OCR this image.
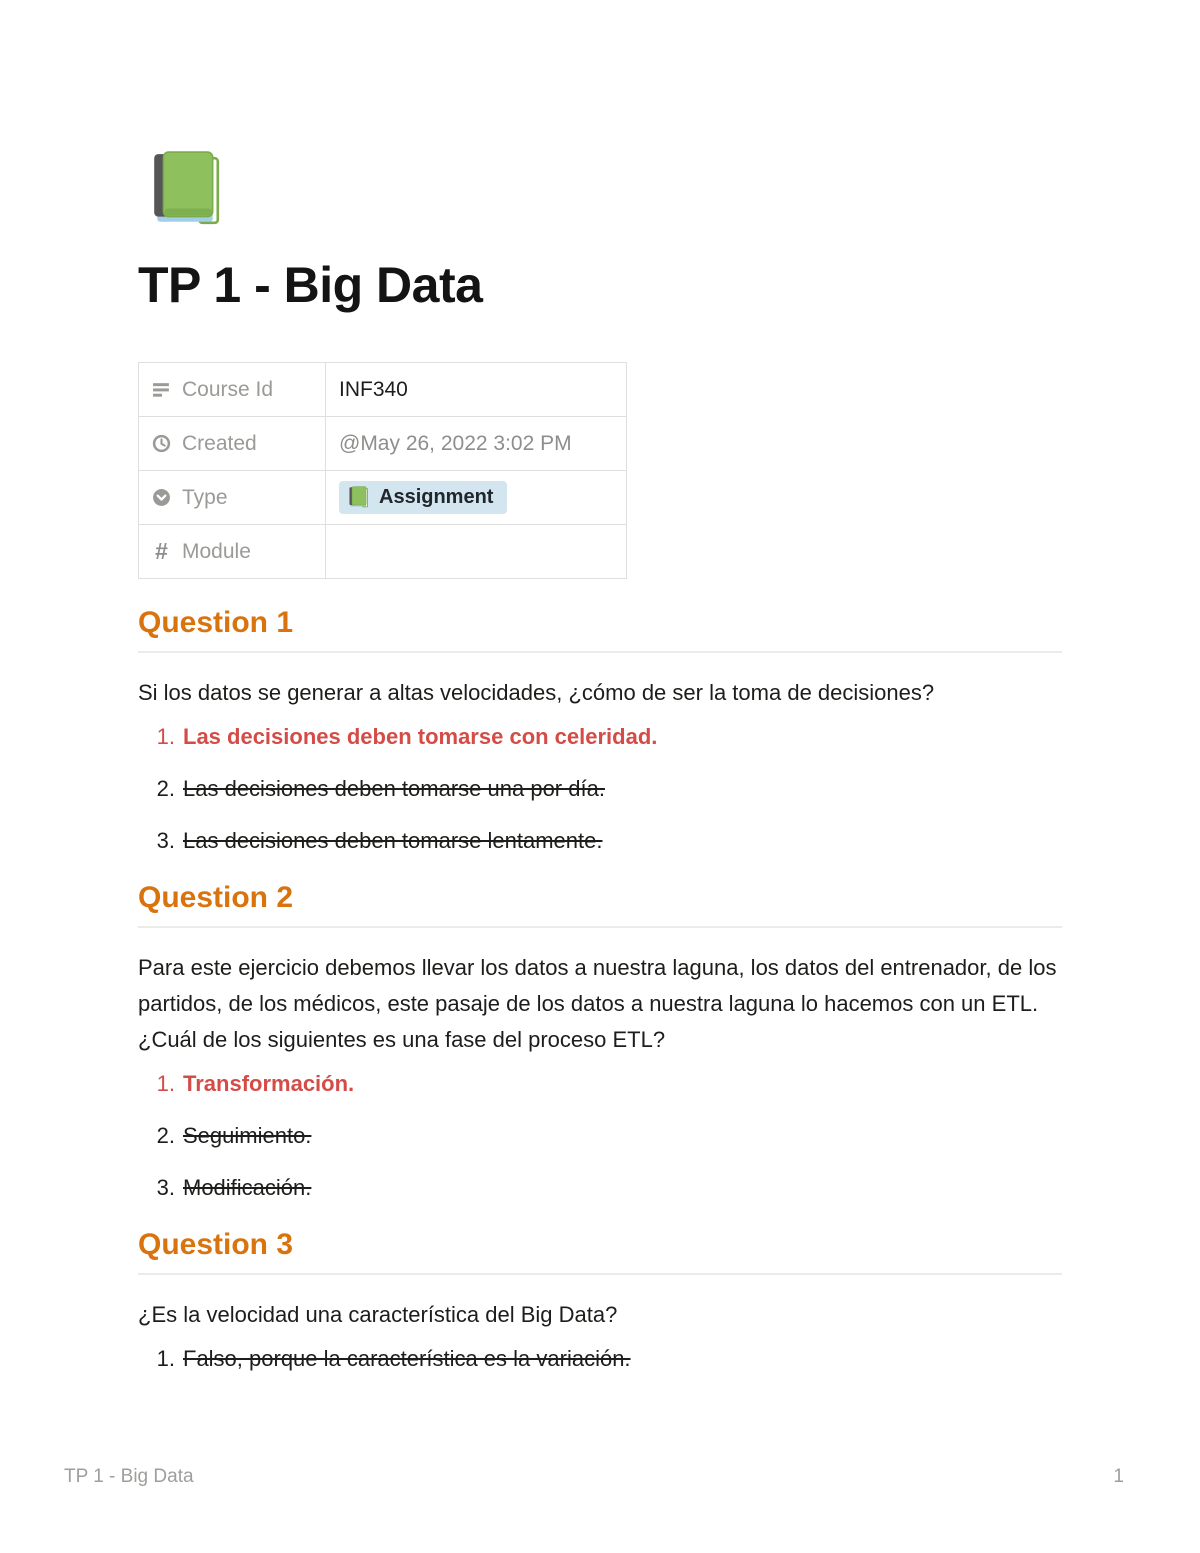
TP 1 - Big Data
Course Id	INF340

Created	@May 26, 2022 3:02 PM

Type	Assignment

# Module	

Question 1

Si los datos se generar a altas velocidades, ¿cómo de ser la toma de decisiones?

1. Las decisiones deben tomarse con celeridad.
2. Las decisiones deben tomarse una por día.
3. Las decisiones deben tomarse lentamente.
Question 2

Para este ejercicio debemos llevar los datos a nuestra laguna, los datos del entrenador, de los partidos, de los médicos, este pasaje de los datos a nuestra laguna lo hacemos con un ETL. ¿Cuál de los siguientes es una fase del proceso ETL?

1. Transformación.
2. Seguimiento.
3. Modificación.
Question 3

¿Es la velocidad una característica del Big Data?

1. Falso, porque la característica es la variación.
TP 1 - Big Data	1
